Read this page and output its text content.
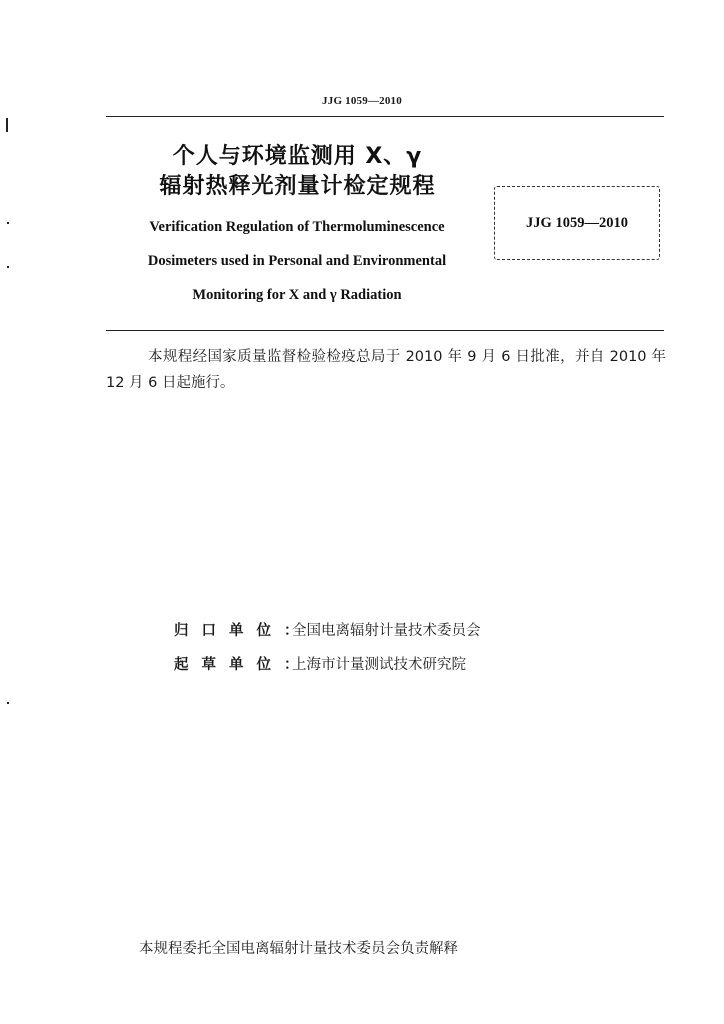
JJG 1059—2010
个人与环境监测用 X、γ
辐射热释光剂量计检定规程
Verification Regulation of Thermoluminescence
Dosimeters used in Personal and Environmental
Monitoring for X and γ Radiation
JJG 1059—2010
本规程经国家质量监督检验检疫总局于 2010 年 9 月 6 日批准，并自 2010 年 12 月 6 日起施行。
归口单位：全国电离辐射计量技术委员会
起草单位：上海市计量测试技术研究院
本规程委托全国电离辐射计量技术委员会负责解释
